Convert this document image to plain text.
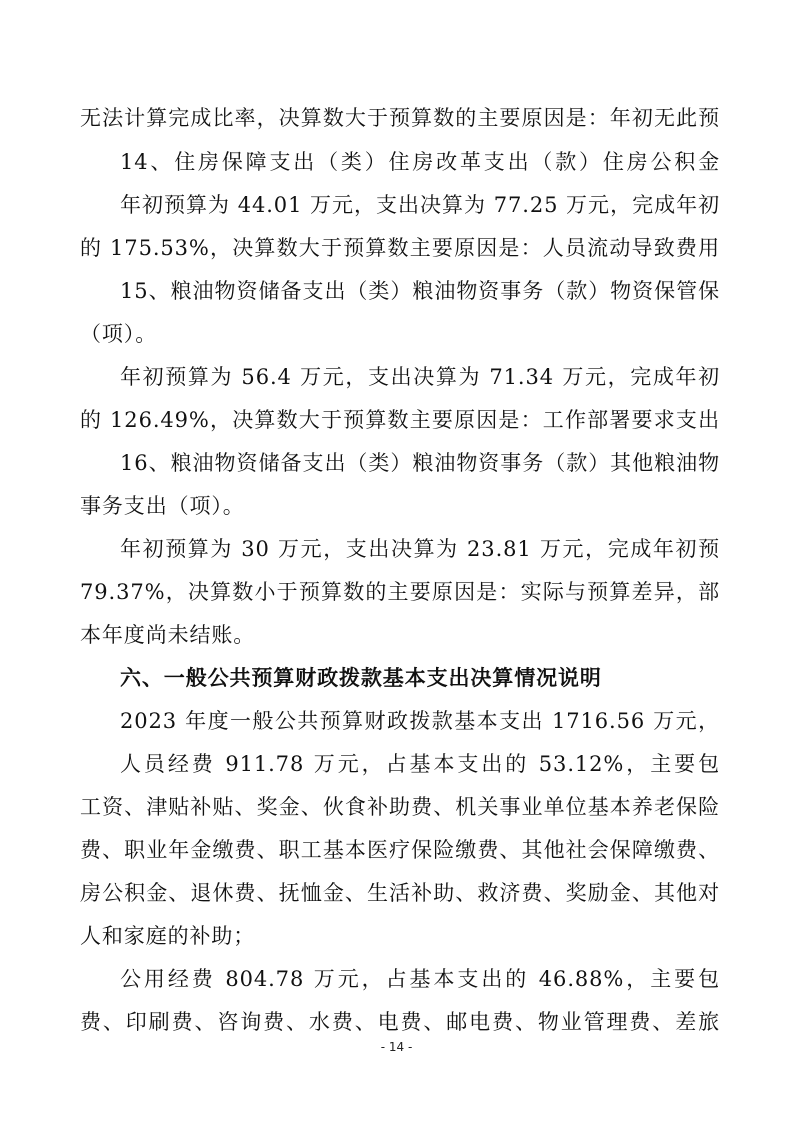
无法计算完成比率，决算数大于预算数的主要原因是：年初无此预
14、住房保障支出（类）住房改革支出（款）住房公积金
年初预算为 44.01 万元，支出决算为 77.25 万元，完成年初
的 175.53%，决算数大于预算数主要原因是：人员流动导致费用
15、粮油物资储备支出（类）粮油物资事务（款）物资保管保
（项）。
年初预算为 56.4 万元，支出决算为 71.34 万元，完成年初
的 126.49%，决算数大于预算数主要原因是：工作部署要求支出
16、粮油物资储备支出（类）粮油物资事务（款）其他粮油物
事务支出（项）。
年初预算为 30 万元，支出决算为 23.81 万元，完成年初预
79.37%，决算数小于预算数的主要原因是：实际与预算差异，部
本年度尚未结账。
六、一般公共预算财政拨款基本支出决算情况说明
2023 年度一般公共预算财政拨款基本支出 1716.56 万元，
人员经费 911.78 万元，占基本支出的 53.12%，主要包
工资、津贴补贴、奖金、伙食补助费、机关事业单位基本养老保险
费、职业年金缴费、职工基本医疗保险缴费、其他社会保障缴费、
房公积金、退休费、抚恤金、生活补助、救济费、奖励金、其他对
人和家庭的补助；
公用经费 804.78 万元，占基本支出的 46.88%，主要包
费、印刷费、咨询费、水费、电费、邮电费、物业管理费、差旅
- 14 -
